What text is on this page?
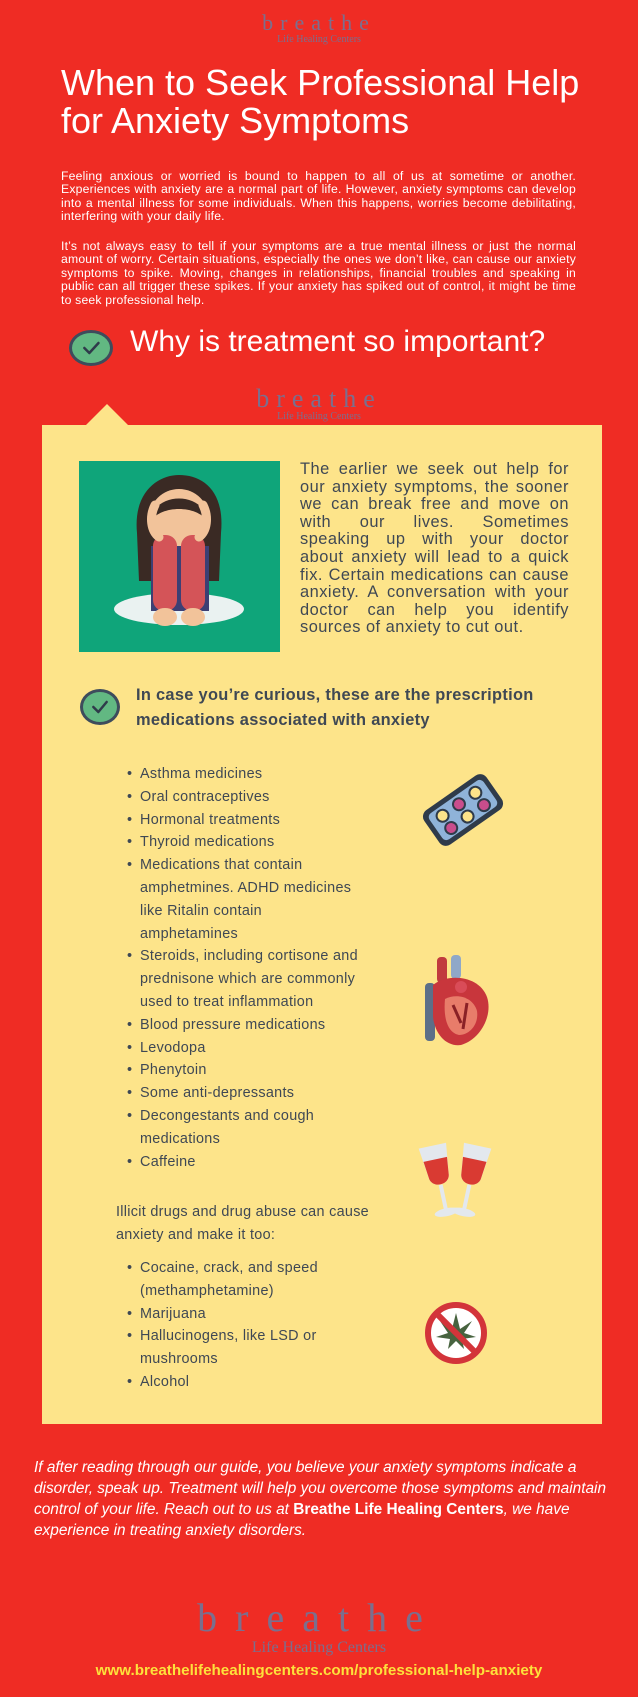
breathe
Life Healing Centers
When to Seek Professional Help for Anxiety Symptoms

Feeling anxious or worried is bound to happen to all of us at sometime or another. Experiences with anxiety are a normal part of life. However, anxiety symptoms can develop into a mental illness for some individuals. When this happens, worries become debilitating, interfering with your daily life.

It’s not always easy to tell if your symptoms are a true mental illness or just the normal amount of worry. Certain situations, especially the ones we don’t like, can cause our anxiety symptoms to spike. Moving, changes in relationships, financial troubles and speaking in public can all trigger these spikes. If your anxiety has spiked out of control, it might be time to seek professional help.

Why is treatment so important?
breathe
Life Healing Centers

The earlier we seek out help for our anxiety symptoms, the sooner we can break free and move on with our lives. Sometimes speaking up with your doctor about anxiety will lead to a quick fix. Certain medications can cause anxiety. A conversation with your doctor can help you identify sources of anxiety to cut out.

In case you’re curious, these are the prescription medications associated with anxiety
• Asthma medicines
• Oral contraceptives
• Hormonal treatments
• Thyroid medications
• Medications that contain amphetmines. ADHD medicines like Ritalin contain amphetamines
• Steroids, including cortisone and prednisone which are commonly used to treat inflammation
• Blood pressure medications
• Levodopa
• Phenytoin
• Some anti-depressants
• Decongestants and cough medications
• Caffeine

Illicit drugs and drug abuse can cause anxiety and make it too:

• Cocaine, crack, and speed (methamphetamine)
• Marijuana
• Hallucinogens, like LSD or mushrooms
• Alcohol

If after reading through our guide, you believe your anxiety symptoms indicate a disorder, speak up. Treatment will help you overcome those symptoms and maintain control of your life. Reach out to us at Breathe Life Healing Centers, we have experience in treating anxiety disorders.

breathe
Life Healing Centers

www.breathelifehealingcenters.com/professional-help-anxiety
